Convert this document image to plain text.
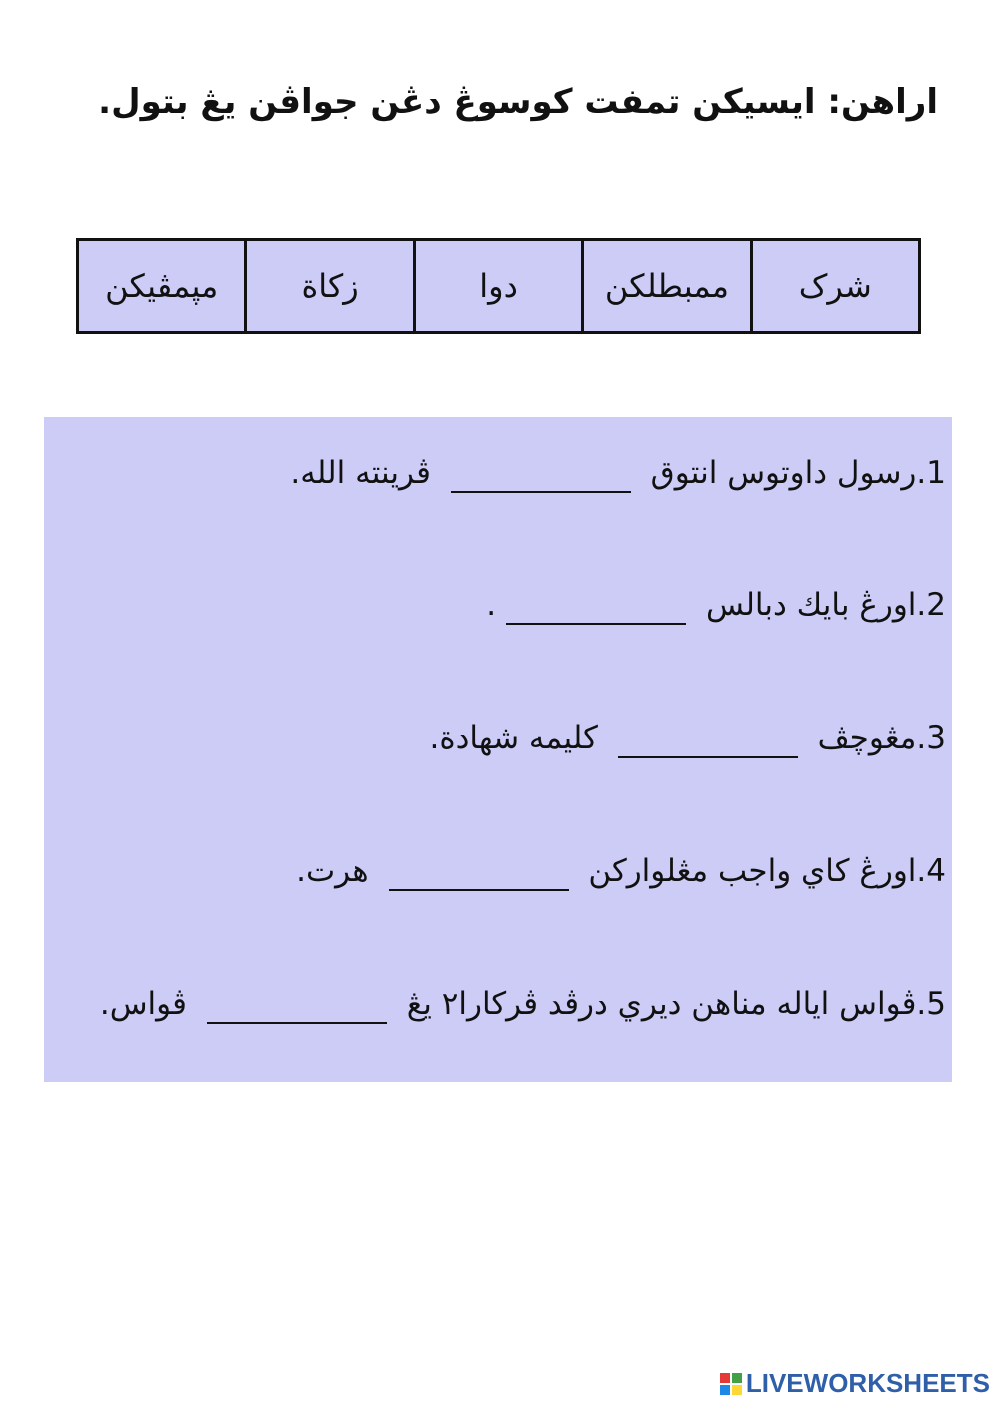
اراهن: ايسيكن تمفت كوسوڠ دڠن جواڤن يڠ بتول.
شرک	ممبطلكن	دوا	زكاة	مپمڤيكن
1.رسول داوتوس انتوق  ڤرينته الله.
2.اورڠ بايك دبالس .
3.مڠوچڤ  كليمه شهادة.
4.اورڠ كاي واجب مڠلواركن  هرت.
5.ڤواس اياله مناهن ديري درڤد ڤركارا٢ يڠ  ڤواس.
LIVEWORKSHEETS
